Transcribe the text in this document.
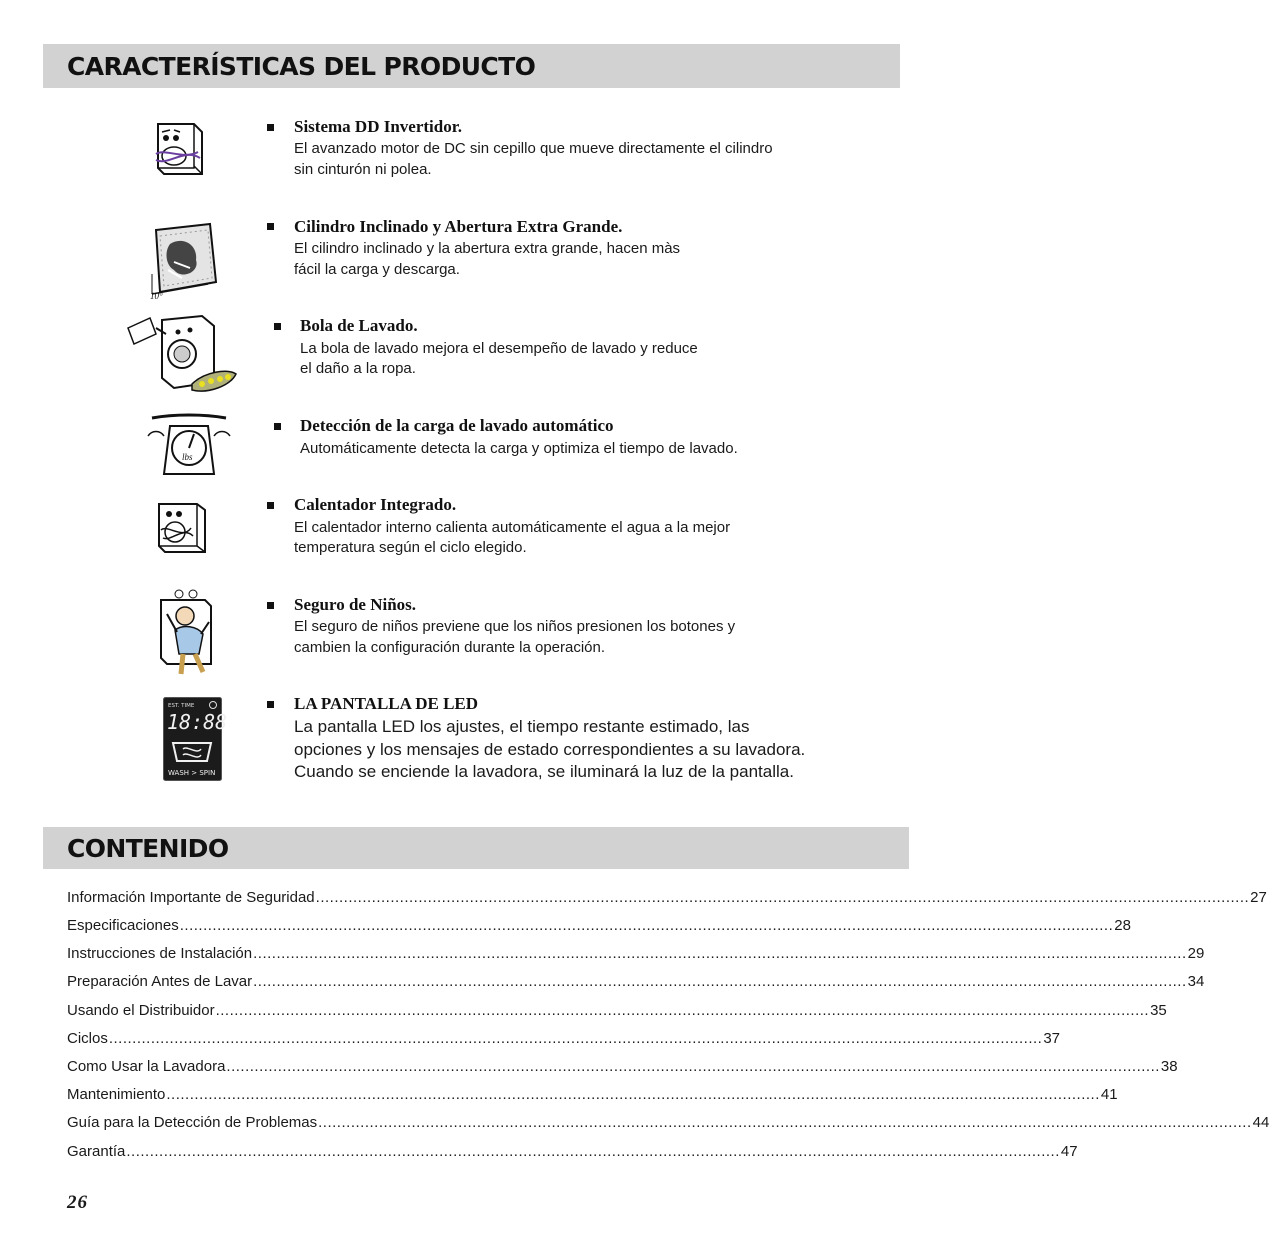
CARACTERÍSTICAS DEL PRODUCTO
Sistema DD Invertidor.
El avanzado motor de DC sin cepillo que mueve directamente el cilindro
sin cinturón ni polea.
10°
Cilindro Inclinado y Abertura Extra Grande.
El cilindro inclinado y la abertura extra grande, hacen màs
fácil la carga y descarga.
Bola de Lavado.
La bola de lavado mejora el desempeño de lavado y reduce
el daño a la ropa.
lbs
Detección de la carga de lavado automático
Automáticamente detecta la carga y optimiza el tiempo de lavado.
Calentador Integrado.
El calentador interno calienta automáticamente el agua a la mejor
temperatura según el ciclo elegido.
Seguro de Niños.
El seguro de niños previene que los niños presionen los botones y
cambien la configuración durante la operación.
EST. TIME
18:88
WASH > SPIN
LA PANTALLA DE LED
La pantalla LED los ajustes, el tiempo restante estimado, las
opciones y los mensajes de estado correspondientes a su lavadora.
Cuando se enciende la lavadora, se iluminará la luz de la pantalla.
CONTENIDO
Información Importante de Seguridad ........................................................................................................................................................................................................ 27
Especificaciones ........................................................................................................................................................................................................ 28
Instrucciones de Instalación ........................................................................................................................................................................................................ 29
Preparación Antes de Lavar ........................................................................................................................................................................................................ 34
Usando el Distribuidor ........................................................................................................................................................................................................ 35
Ciclos ........................................................................................................................................................................................................ 37
Como Usar la Lavadora ........................................................................................................................................................................................................ 38
Mantenimiento ........................................................................................................................................................................................................ 41
Guía para la Detección de Problemas ........................................................................................................................................................................................................ 44
Garantía ........................................................................................................................................................................................................ 47
26
